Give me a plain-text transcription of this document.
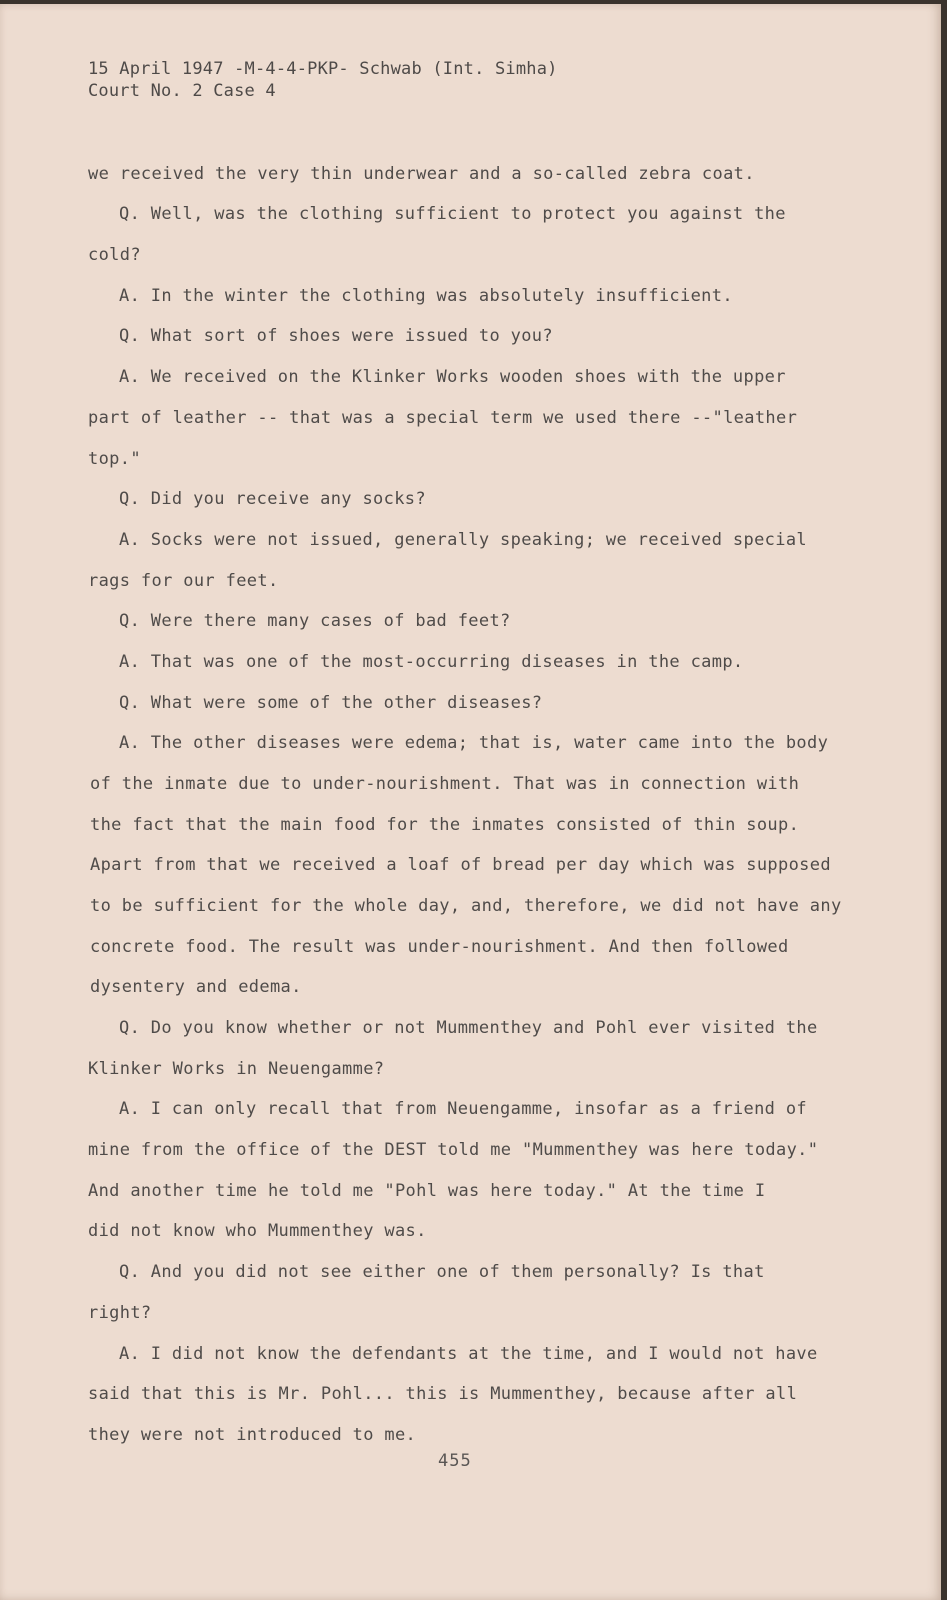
15 April 1947 -M-4-4-PKP- Schwab (Int. Simha)
Court No. 2 Case 4
we received the very thin underwear and a so-called zebra coat.
Q. Well, was the clothing sufficient to protect you against the
cold?
A. In the winter the clothing was absolutely insufficient.
Q. What sort of shoes were issued to you?
A. We received on the Klinker Works wooden shoes with the upper
part of leather -- that was a special term we used there --"leather
top."
Q. Did you receive any socks?
A. Socks were not issued, generally speaking; we received special
rags for our feet.
Q. Were there many cases of bad feet?
A. That was one of the most-occurring diseases in the camp.
Q. What were some of the other diseases?
A. The other diseases were edema; that is, water came into the body
of the inmate due to under-nourishment. That was in connection with
the fact that the main food for the inmates consisted of thin soup.
Apart from that we received a loaf of bread per day which was supposed
to be sufficient for the whole day, and, therefore, we did not have any
concrete food. The result was under-nourishment. And then followed
dysentery and edema.
Q. Do you know whether or not Mummenthey and Pohl ever visited the
Klinker Works in Neuengamme?
A. I can only recall that from Neuengamme, insofar as a friend of
mine from the office of the DEST told me "Mummenthey was here today."
And another time he told me "Pohl was here today." At the time I
did not know who Mummenthey was.
Q. And you did not see either one of them personally? Is that
right?
A. I did not know the defendants at the time, and I would not have
said that this is Mr. Pohl... this is Mummenthey, because after all
they were not introduced to me.
455
